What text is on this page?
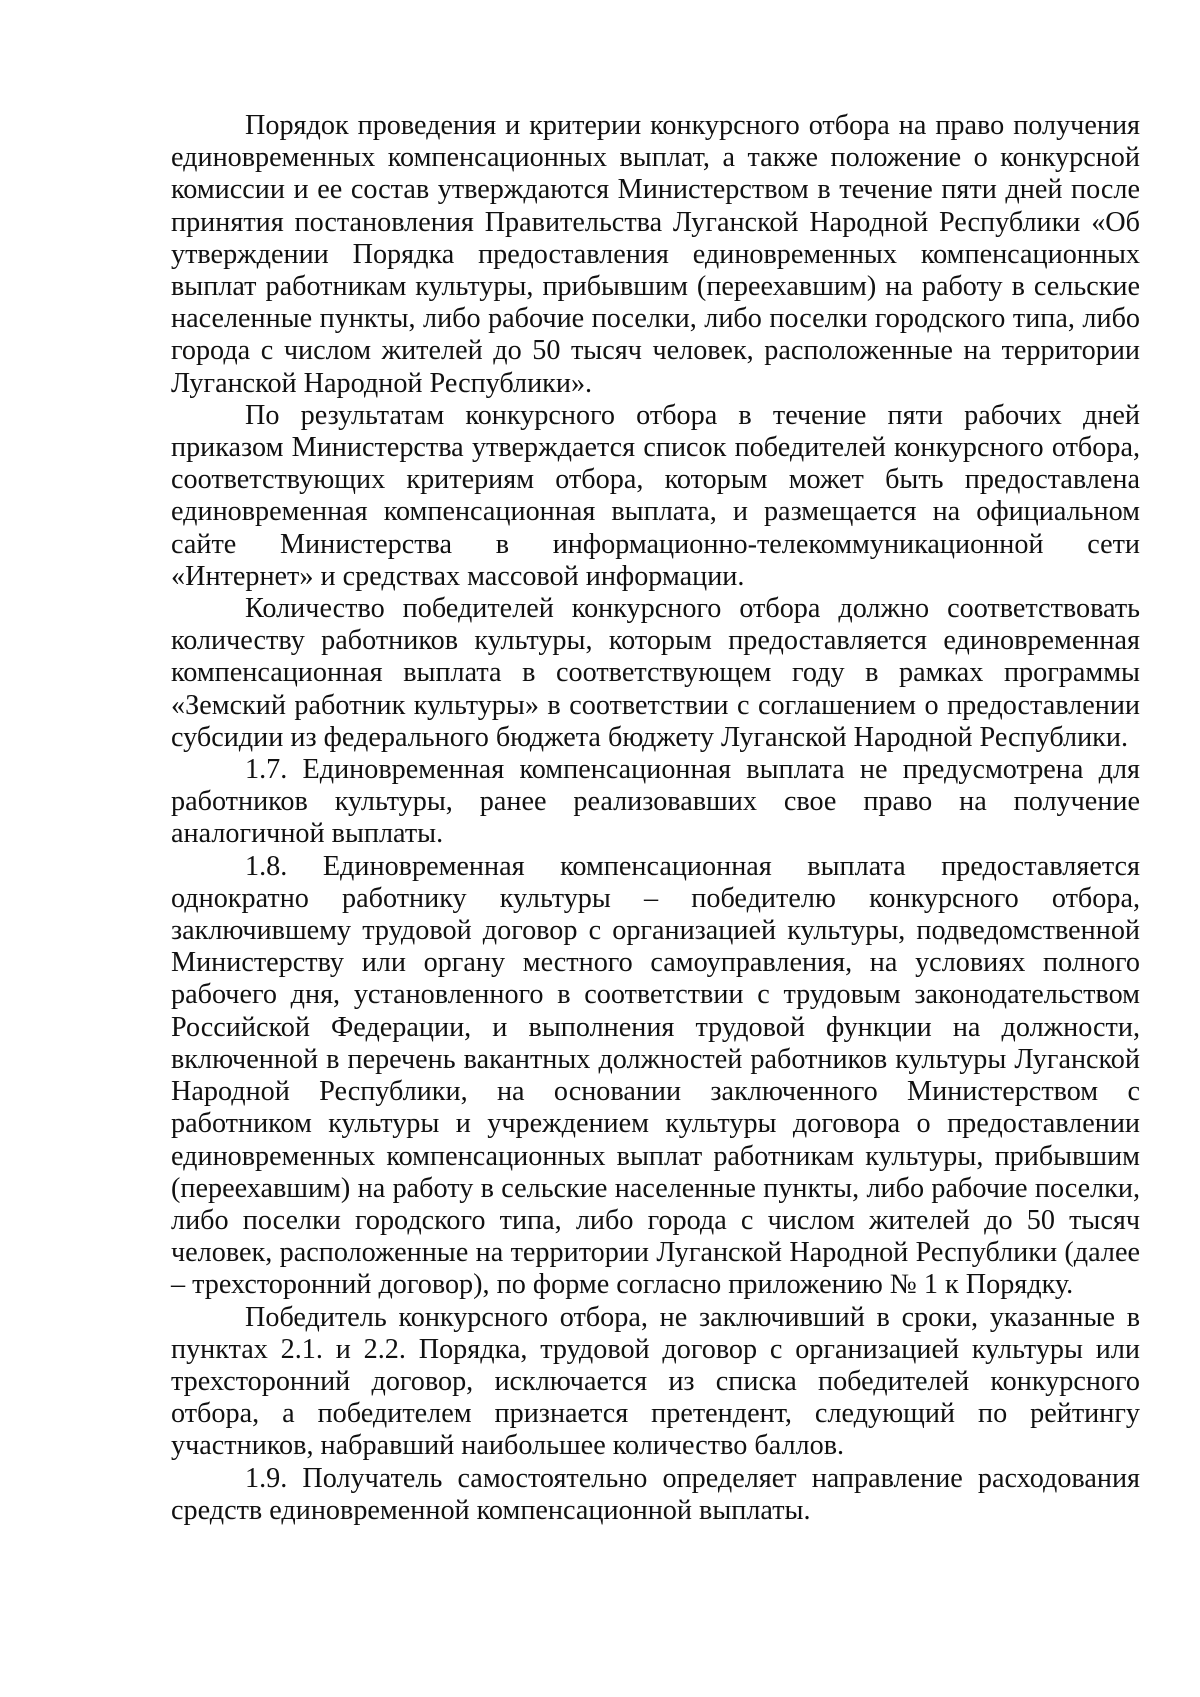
Порядок проведения и критерии конкурсного отбора на право получения единовременных компенсационных выплат, а также положение о конкурсной комиссии и ее состав утверждаются Министерством в течение пяти дней после принятия постановления Правительства Луганской Народной Республики «Об утверждении Порядка предоставления единовременных компенсационных выплат работникам культуры, прибывшим (переехавшим) на работу в сельские населенные пункты, либо рабочие поселки, либо поселки городского типа, либо города с числом жителей до 50 тысяч человек, расположенные на территории Луганской Народной Республики».

По результатам конкурсного отбора в течение пяти рабочих дней приказом Министерства утверждается список победителей конкурсного отбора, соответствующих критериям отбора, которым может быть предоставлена единовременная компенсационная выплата, и размещается на официальном сайте Министерства в информационно-телекоммуникационной сети «Интернет» и средствах массовой информации.

Количество победителей конкурсного отбора должно соответствовать количеству работников культуры, которым предоставляется единовременная компенсационная выплата в соответствующем году в рамках программы «Земский работник культуры» в соответствии с соглашением о предоставлении субсидии из федерального бюджета бюджету Луганской Народной Республики.

1.7. Единовременная компенсационная выплата не предусмотрена для работников культуры, ранее реализовавших свое право на получение аналогичной выплаты.

1.8. Единовременная компенсационная выплата предоставляется однократно работнику культуры – победителю конкурсного отбора, заключившему трудовой договор с организацией культуры, подведомственной Министерству или органу местного самоуправления, на условиях полного рабочего дня, установленного в соответствии с трудовым законодательством Российской Федерации, и выполнения трудовой функции на должности, включенной в перечень вакантных должностей работников культуры Луганской Народной Республики, на основании заключенного Министерством с работником культуры и учреждением культуры договора о предоставлении единовременных компенсационных выплат работникам культуры, прибывшим (переехавшим) на работу в сельские населенные пункты, либо рабочие поселки, либо поселки городского типа, либо города с числом жителей до 50 тысяч человек, расположенные на территории Луганской Народной Республики (далее – трехсторонний договор), по форме согласно приложению № 1 к Порядку.

Победитель конкурсного отбора, не заключивший в сроки, указанные в пунктах 2.1. и 2.2. Порядка, трудовой договор с организацией культуры или трехсторонний договор, исключается из списка победителей конкурсного отбора, а победителем признается претендент, следующий по рейтингу участников, набравший наибольшее количество баллов.

1.9. Получатель самостоятельно определяет направление расходования средств единовременной компенсационной выплаты.
